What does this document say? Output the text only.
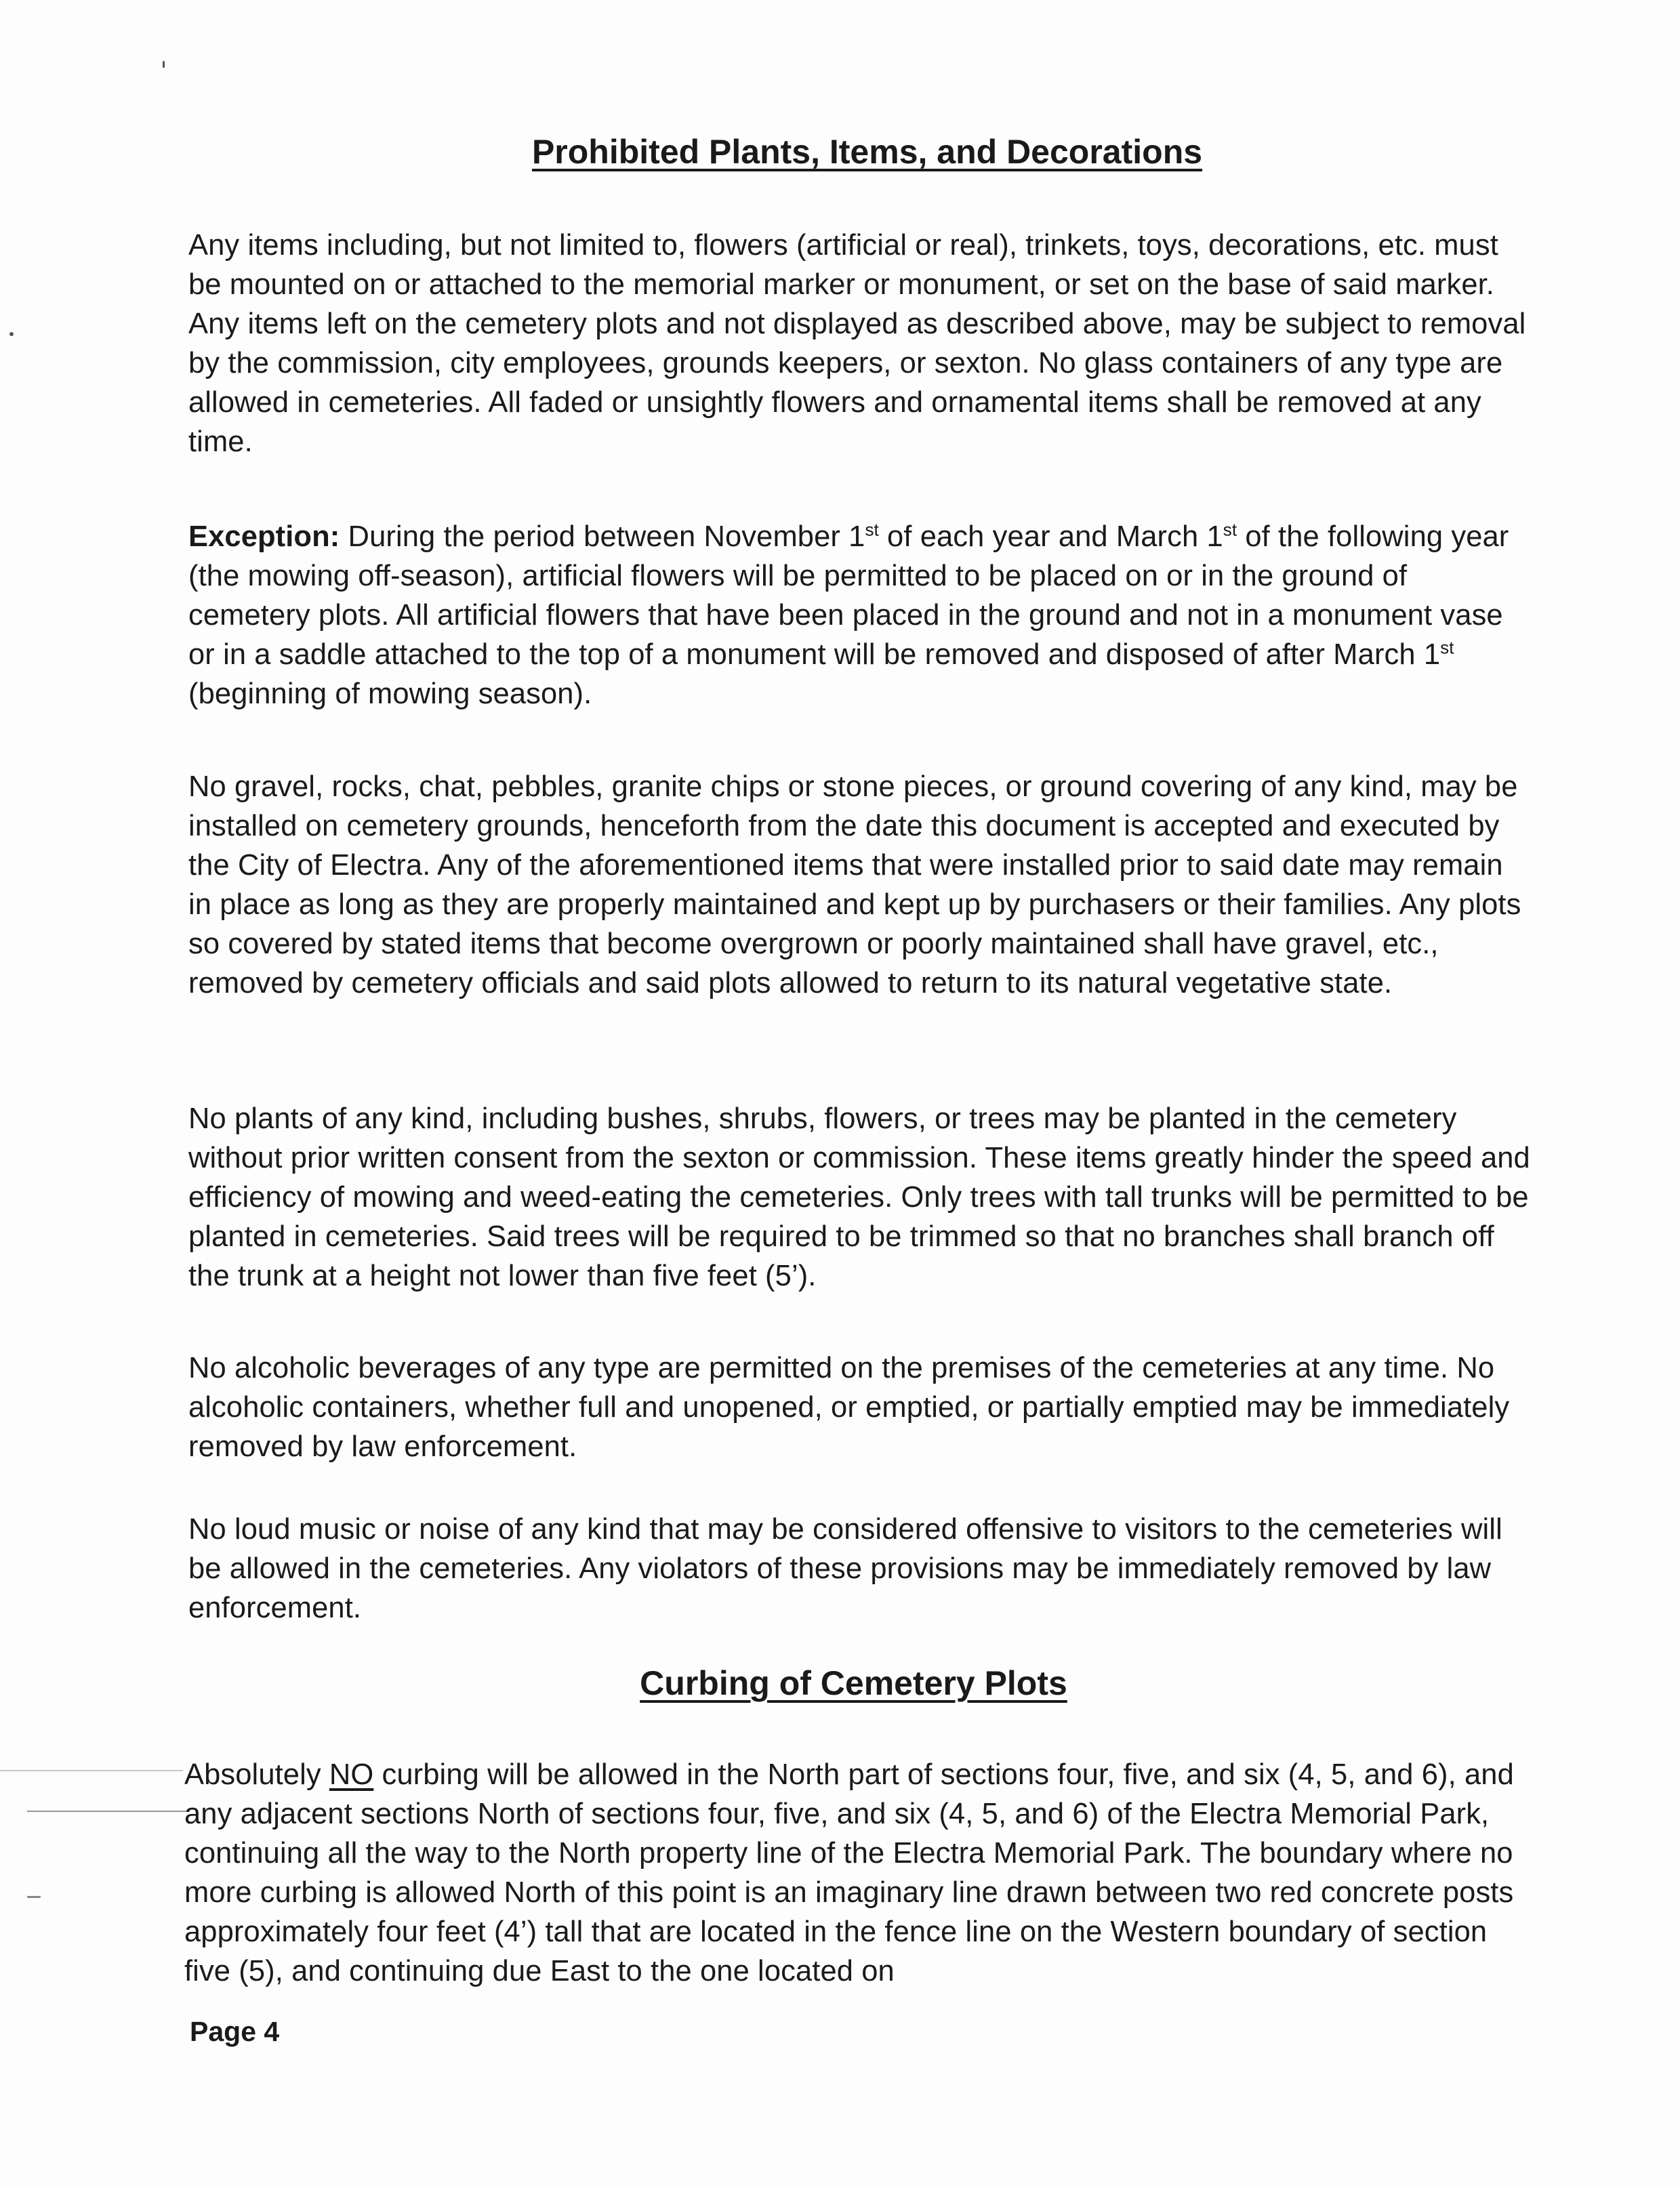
Prohibited Plants, Items, and Decorations

Any items including, but not limited to, flowers (artificial or real), trinkets, toys, decorations, etc. must be mounted on or attached to the memorial marker or monument, or set on the base of said marker. Any items left on the cemetery plots and not displayed as described above, may be subject to removal by the commission, city employees, grounds keepers, or sexton. No glass containers of any type are allowed in cemeteries. All faded or unsightly flowers and ornamental items shall be removed at any time.

Exception: During the period between November 1st of each year and March 1st of the following year (the mowing off-season), artificial flowers will be permitted to be placed on or in the ground of cemetery plots. All artificial flowers that have been placed in the ground and not in a monument vase or in a saddle attached to the top of a monument will be removed and disposed of after March 1st (beginning of mowing season).

No gravel, rocks, chat, pebbles, granite chips or stone pieces, or ground covering of any kind, may be installed on cemetery grounds, henceforth from the date this document is accepted and executed by the City of Electra. Any of the aforementioned items that were installed prior to said date may remain in place as long as they are properly maintained and kept up by purchasers or their families. Any plots so covered by stated items that become overgrown or poorly maintained shall have gravel, etc., removed by cemetery officials and said plots allowed to return to its natural vegetative state.

No plants of any kind, including bushes, shrubs, flowers, or trees may be planted in the cemetery without prior written consent from the sexton or commission. These items greatly hinder the speed and efficiency of mowing and weed-eating the cemeteries. Only trees with tall trunks will be permitted to be planted in cemeteries. Said trees will be required to be trimmed so that no branches shall branch off the trunk at a height not lower than five feet (5’).

No alcoholic beverages of any type are permitted on the premises of the cemeteries at any time. No alcoholic containers, whether full and unopened, or emptied, or partially emptied may be immediately removed by law enforcement.

No loud music or noise of any kind that may be considered offensive to visitors to the cemeteries will be allowed in the cemeteries. Any violators of these provisions may be immediately removed by law enforcement.

Curbing of Cemetery Plots

Absolutely NO curbing will be allowed in the North part of sections four, five, and six (4, 5, and 6), and any adjacent sections North of sections four, five, and six (4, 5, and 6) of the Electra Memorial Park, continuing all the way to the North property line of the Electra Memorial Park. The boundary where no more curbing is allowed North of this point is an imaginary line drawn between two red concrete posts approximately four feet (4’) tall that are located in the fence line on the Western boundary of section five (5), and continuing due East to the one located on

Page 4
